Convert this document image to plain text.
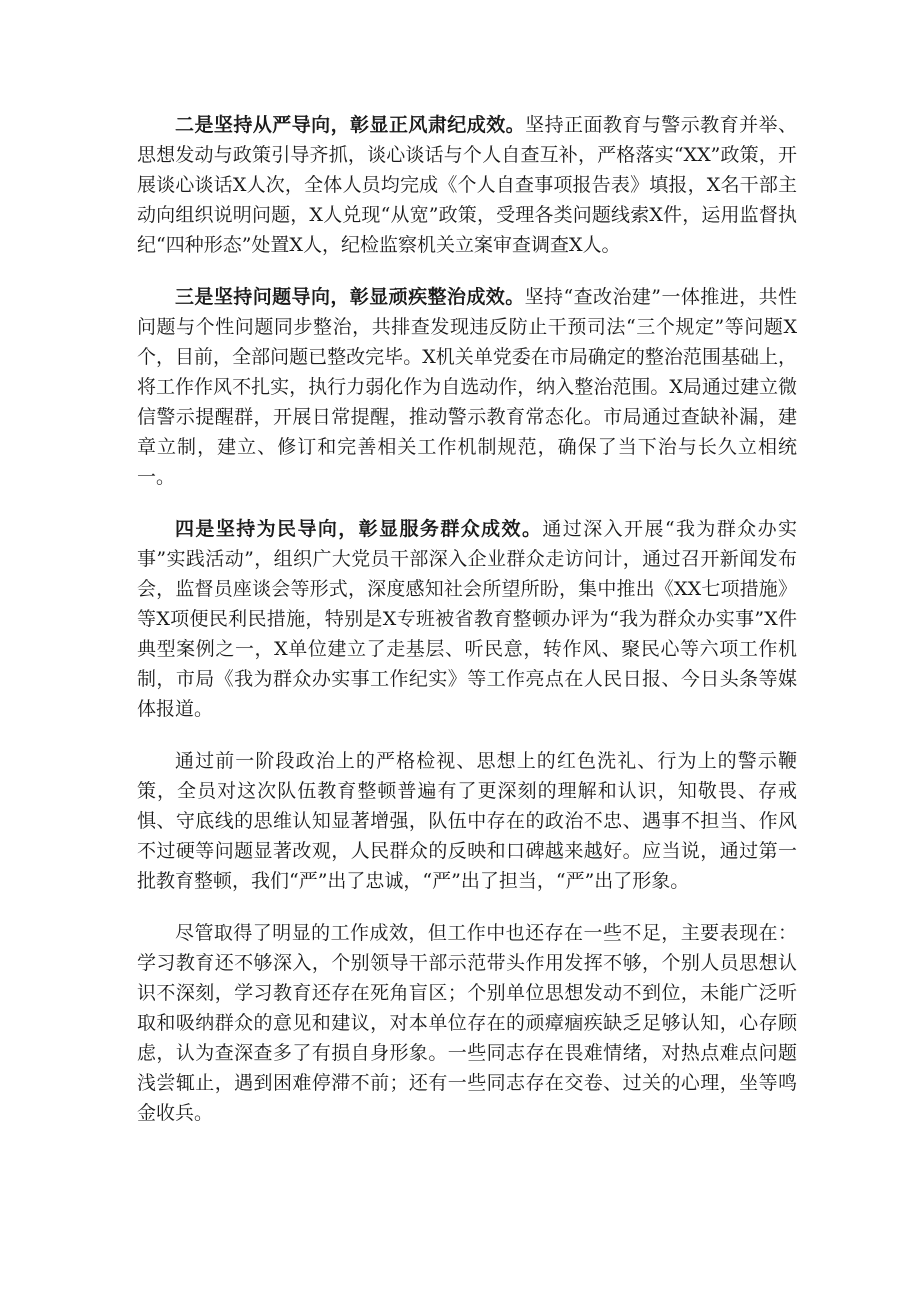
二是坚持从严导向，彰显正风肃纪成效。坚持正面教育与警示教育并举、思想发动与政策引导齐抓，谈心谈话与个人自查互补，严格落实“XX”政策，开展谈心谈话X人次，全体人员均完成《个人自查事项报告表》填报，X名干部主动向组织说明问题，X人兑现“从宽”政策，受理各类问题线索X件，运用监督执纪“四种形态”处置X人，纪检监察机关立案审查调查X人。

三是坚持问题导向，彰显顽疾整治成效。坚持“查改治建”一体推进，共性问题与个性问题同步整治，共排查发现违反防止干预司法“三个规定”等问题X个，目前，全部问题已整改完毕。X机关单党委在市局确定的整治范围基础上，将工作作风不扎实，执行力弱化作为自选动作，纳入整治范围。X局通过建立微信警示提醒群，开展日常提醒，推动警示教育常态化。市局通过查缺补漏，建章立制，建立、修订和完善相关工作机制规范，确保了当下治与长久立相统一。

四是坚持为民导向，彰显服务群众成效。通过深入开展“我为群众办实事”实践活动”，组织广大党员干部深入企业群众走访问计，通过召开新闻发布会，监督员座谈会等形式，深度感知社会所望所盼，集中推出《XX七项措施》等X项便民利民措施，特别是X专班被省教育整顿办评为“我为群众办实事”X件典型案例之一，X单位建立了走基层、听民意，转作风、聚民心等六项工作机制，市局《我为群众办实事工作纪实》等工作亮点在人民日报、今日头条等媒体报道。

通过前一阶段政治上的严格检视、思想上的红色洗礼、行为上的警示鞭策，全员对这次队伍教育整顿普遍有了更深刻的理解和认识，知敬畏、存戒惧、守底线的思维认知显著增强，队伍中存在的政治不忠、遇事不担当、作风不过硬等问题显著改观，人民群众的反映和口碑越来越好。应当说，通过第一批教育整顿，我们“严”出了忠诚，“严”出了担当，“严”出了形象。

尽管取得了明显的工作成效，但工作中也还存在一些不足，主要表现在：学习教育还不够深入，个别领导干部示范带头作用发挥不够，个别人员思想认识不深刻，学习教育还存在死角盲区；个别单位思想发动不到位，未能广泛听取和吸纳群众的意见和建议，对本单位存在的顽瘴痼疾缺乏足够认知，心存顾虑，认为查深查多了有损自身形象。一些同志存在畏难情绪，对热点难点问题浅尝辄止，遇到困难停滞不前；还有一些同志存在交卷、过关的心理，坐等鸣金收兵。
